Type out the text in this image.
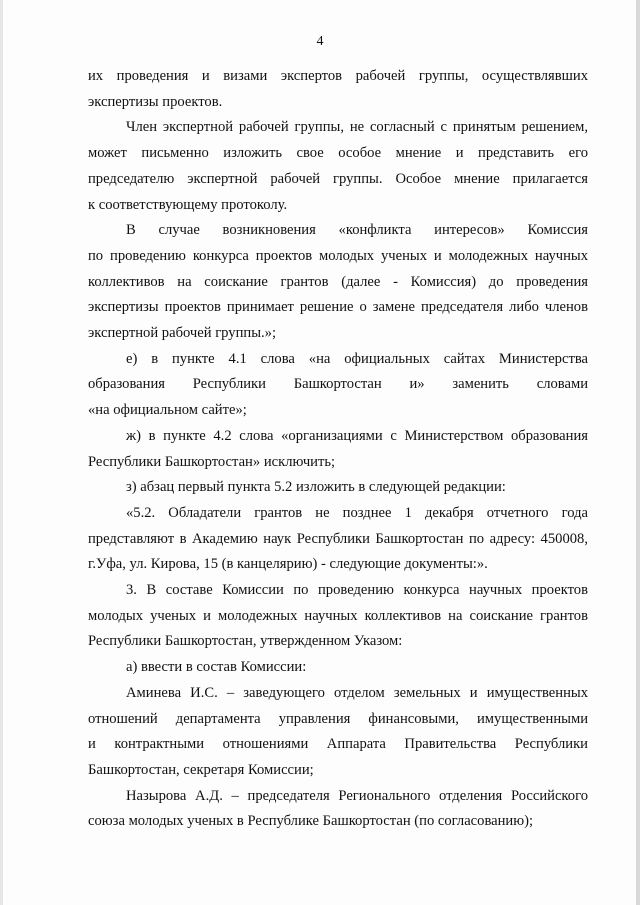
4
их проведения и визами экспертов рабочей группы, осуществлявших
экспертизы проектов.
Член экспертной рабочей группы, не согласный с принятым решением,
может письменно изложить свое особое мнение и представить его
председателю экспертной рабочей группы. Особое мнение прилагается
к соответствующему протоколу.
В случае возникновения «конфликта интересов» Комиссия
по проведению конкурса проектов молодых ученых и молодежных научных
коллективов на соискание грантов (далее - Комиссия) до проведения
экспертизы проектов принимает решение о замене председателя либо членов
экспертной рабочей группы.»;
е) в пункте 4.1 слова «на официальных сайтах Министерства
образования Республики Башкортостан и» заменить словами
«на официальном сайте»;
ж) в пункте 4.2 слова «организациями с Министерством образования
Республики Башкортостан» исключить;
з) абзац первый пункта 5.2 изложить в следующей редакции:
«5.2. Обладатели грантов не позднее 1 декабря отчетного года
представляют в Академию наук Республики Башкортостан по адресу: 450008,
г.Уфа, ул. Кирова, 15 (в канцелярию) - следующие документы:».
3. В составе Комиссии по проведению конкурса научных проектов
молодых ученых и молодежных научных коллективов на соискание грантов
Республики Башкортостан, утвержденном Указом:
а) ввести в состав Комиссии:
Аминева И.С. – заведующего отделом земельных и имущественных
отношений департамента управления финансовыми, имущественными
и контрактными отношениями Аппарата Правительства Республики
Башкортостан, секретаря Комиссии;
Назырова А.Д. – председателя Регионального отделения Российского
союза молодых ученых в Республике Башкортостан (по согласованию);
